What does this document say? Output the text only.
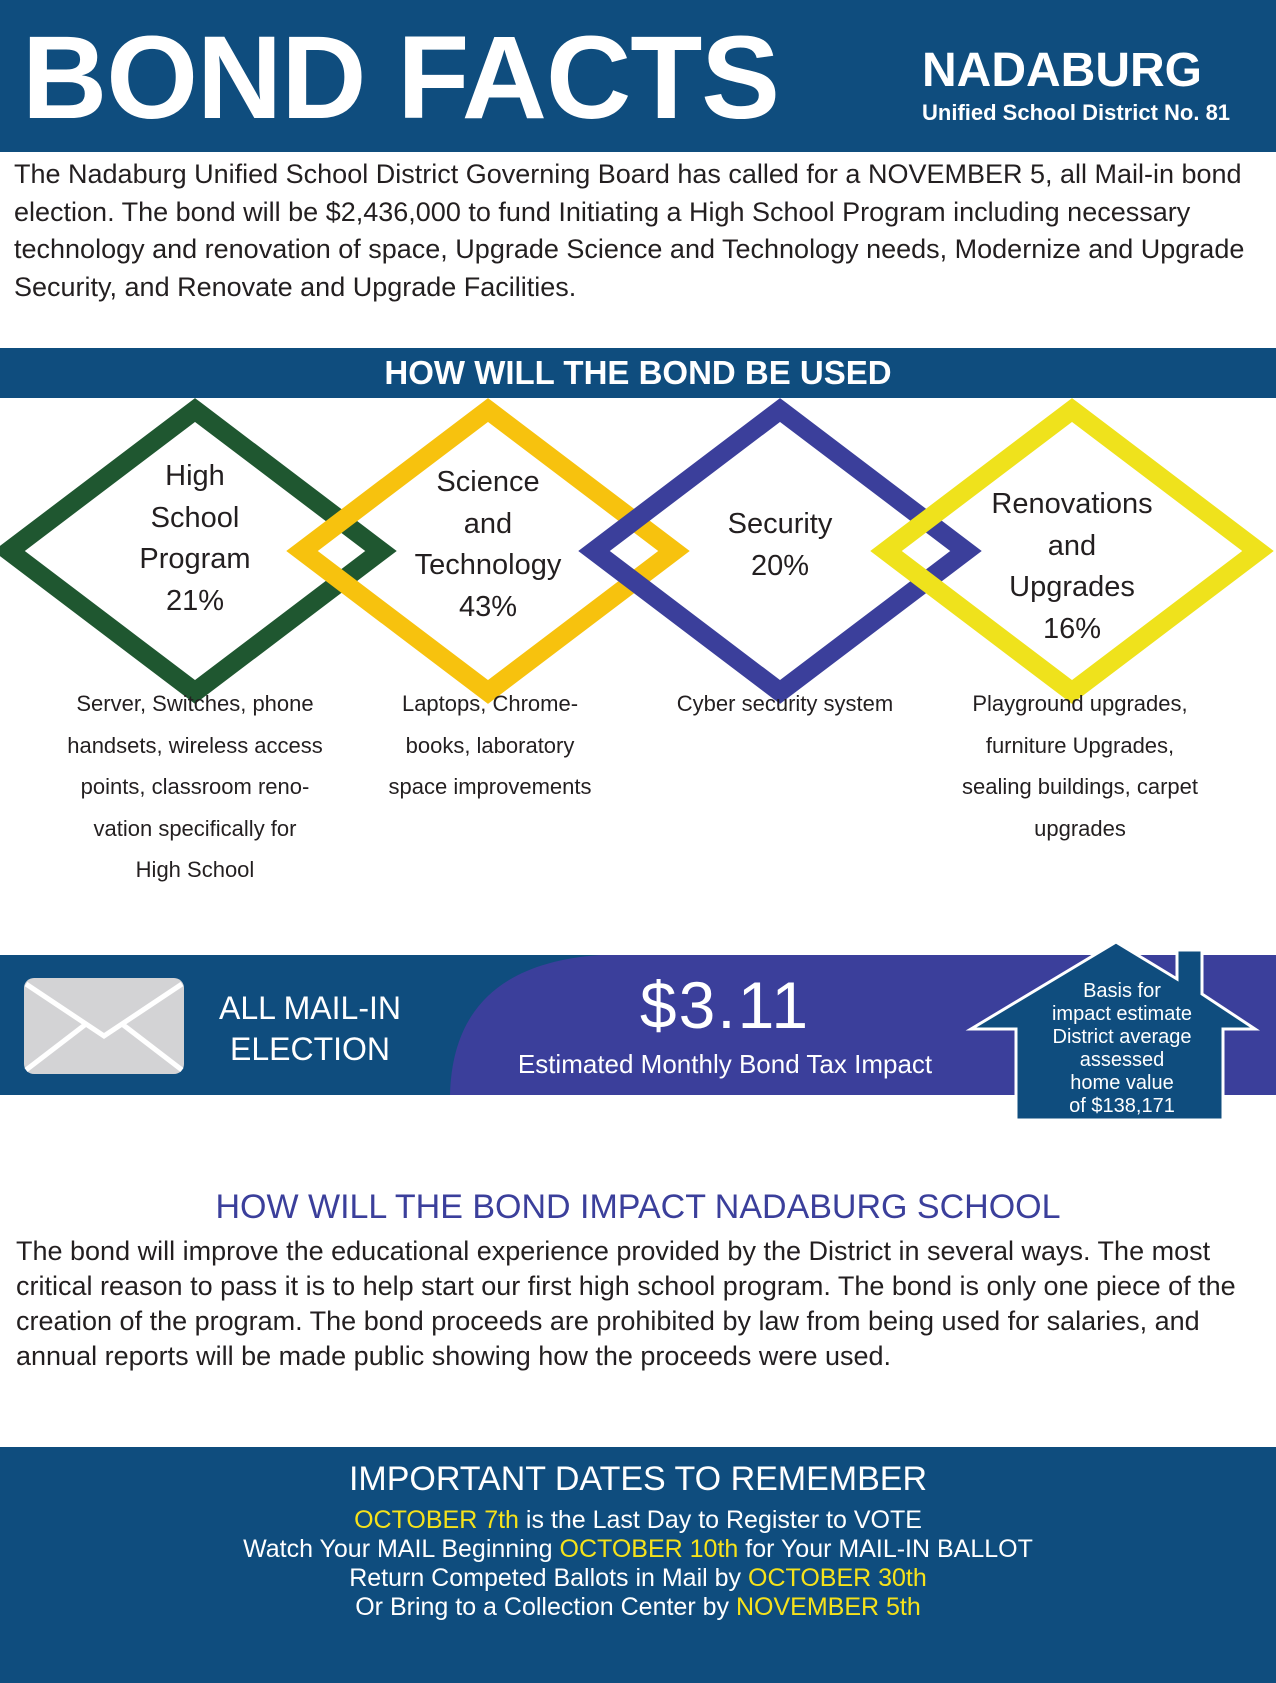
BOND FACTS	NADABURG
Unified School District No. 81

The Nadaburg Unified School District Governing Board has called for a NOVEMBER 5, all Mail-in bond election. The bond will be $2,436,000 to fund Initiating a High School Program including necessary technology and renovation of space, Upgrade Science and Technology needs, Modernize and Upgrade Security, and Renovate and Upgrade Facilities.

HOW WILL THE BOND BE USED
High
School
Program
21%
Science
and
Technology
43%
Security
20%
Renovations
and
Upgrades
16%
Server, Switches, phone
handsets, wireless access
points, classroom reno-
vation specifically for
High School
Laptops, Chrome-
books, laboratory
space improvements
Cyber security system	Playground upgrades,
furniture Upgrades,
sealing buildings, carpet
upgrades
ALL MAIL-IN
ELECTION
$3.11
Estimated Monthly Bond Tax Impact
Basis for
impact estimate
District average
assessed
home value
of $138,171
HOW WILL THE BOND IMPACT NADABURG SCHOOL

The bond will improve the educational experience provided by the District in several ways. The most critical reason to pass it is to help start our first high school program. The bond is only one piece of the creation of the program. The bond proceeds are prohibited by law from being used for salaries, and annual reports will be made public showing how the proceeds were used.

IMPORTANT DATES TO REMEMBER
OCTOBER 7th is the Last Day to Register to VOTE
Watch Your MAIL Beginning OCTOBER 10th for Your MAIL-IN BALLOT
Return Competed Ballots in Mail by OCTOBER 30th
Or Bring to a Collection Center by NOVEMBER 5th
